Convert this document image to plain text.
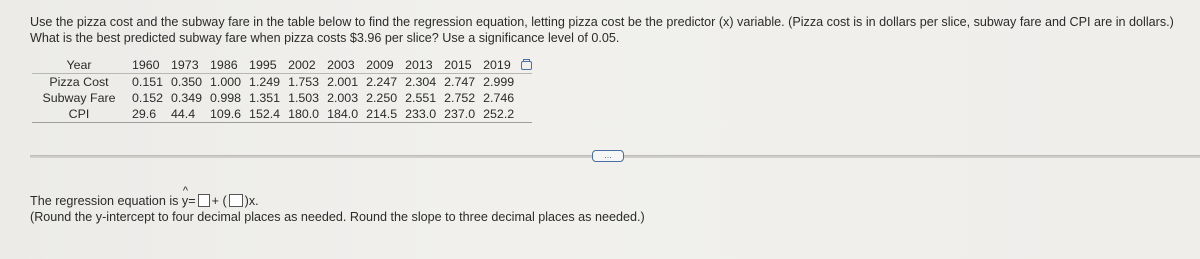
Use the pizza cost and the subway fare in the table below to find the regression equation, letting pizza cost be the predictor (x) variable. (Pizza cost is in dollars per slice, subway fare and CPI are in dollars.) What is the best predicted subway fare when pizza costs $3.96 per slice? Use a significance level of 0.05.

Year	1960	1973	1986	1995	2002	2003	2009	2013	2015	2019	
Pizza Cost	0.151	0.350	1.000	1.249	1.753	2.001	2.247	2.304	2.747	2.999	
Subway Fare	0.152	0.349	0.998	1.351	1.503	2.003	2.250	2.551	2.752	2.746	
CPI	29.6	44.4	109.6	152.4	180.0	184.0	214.5	233.0	237.0	252.2	
...
The regression equation is
^
y= + ( )x.
(Round the y-intercept to four decimal places as needed. Round the slope to three decimal places as needed.)
